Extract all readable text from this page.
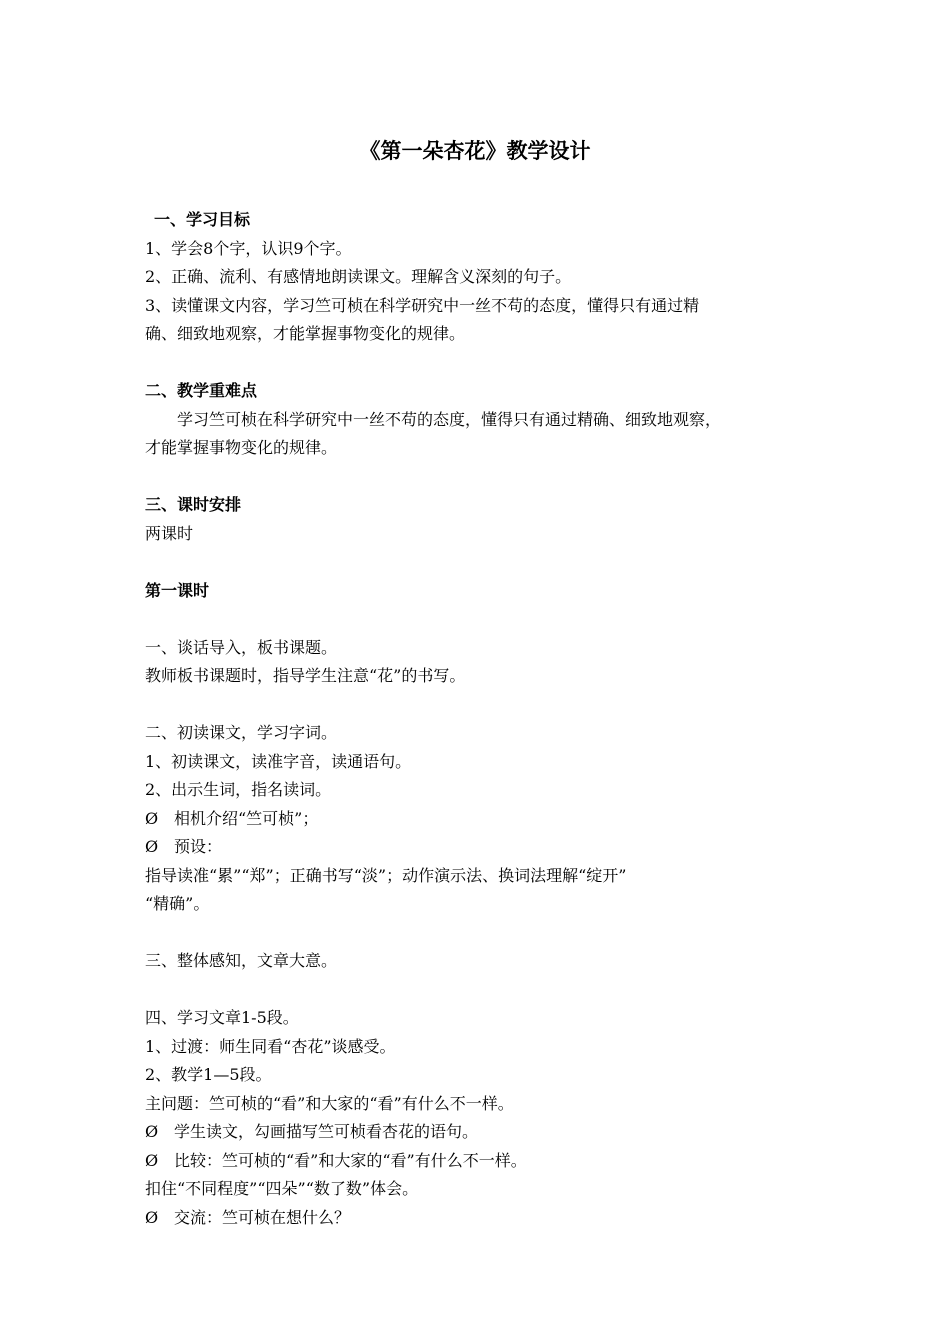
《第一朵杏花》教学设计

一、学习目标

1、学会8个字，认识9个字。

2、正确、流利、有感情地朗读课文。理解含义深刻的句子。

3、读懂课文内容，学习竺可桢在科学研究中一丝不苟的态度，懂得只有通过精

确、细致地观察，才能掌握事物变化的规律。

二、教学重难点

学习竺可桢在科学研究中一丝不苟的态度，懂得只有通过精确、细致地观察，

才能掌握事物变化的规律。

三、课时安排

两课时

第一课时

一、谈话导入，板书课题。

教师板书课题时，指导学生注意“花”的书写。

二、初读课文，学习字词。

1、初读课文，读准字音，读通语句。

2、出示生词，指名读词。

Ø 相机介绍“竺可桢”；

Ø 预设：

指导读准“累”“郑”；正确书写“淡”；动作演示法、换词法理解“绽开”

“精确”。

三、整体感知，文章大意。

四、学习文章1-5段。

1、过渡：师生同看“杏花”谈感受。

2、教学1—5段。

主问题：竺可桢的“看”和大家的“看”有什么不一样。

Ø 学生读文，勾画描写竺可桢看杏花的语句。

Ø 比较：竺可桢的“看”和大家的“看”有什么不一样。

扣住“不同程度”“四朵”“数了数”体会。

Ø 交流：竺可桢在想什么？
